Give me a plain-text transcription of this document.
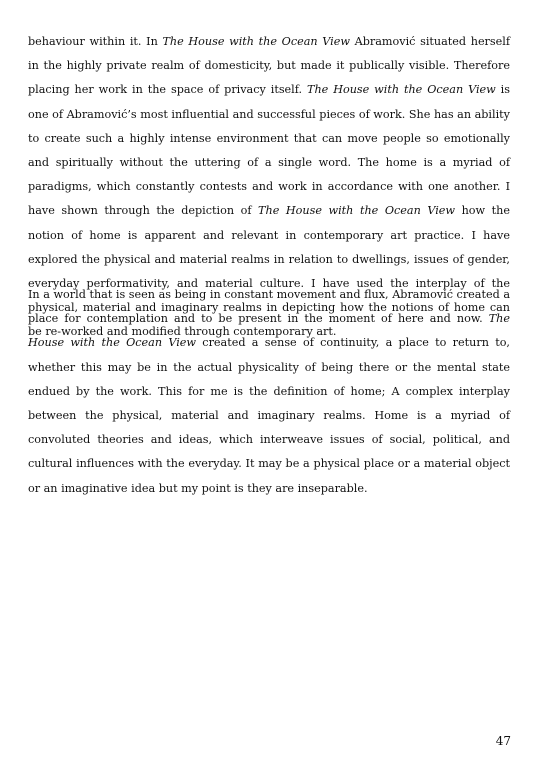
behaviour within it. In The House with the Ocean View Abramović situated herself in the highly private realm of domesticity, but made it publically visible. Therefore placing her work in the space of privacy itself. The House with the Ocean View is one of Abramović’s most influential and successful pieces of work. She has an ability to create such a highly intense environment that can move people so emotionally and spiritually without the uttering of a single word. The home is a myriad of paradigms, which constantly contests and work in accordance with one another. I have shown through the depiction of The House with the Ocean View how the notion of home is apparent and relevant in contemporary art practice. I have explored the physical and material realms in relation to dwellings, issues of gender, everyday performativity, and material culture. I have used the interplay of the physical, material and imaginary realms in depicting how the notions of home can be re-worked and modified through contemporary art.

In a world that is seen as being in constant movement and flux, Abramović created a place for contemplation and to be present in the moment of here and now. The House with the Ocean View created a sense of continuity, a place to return to, whether this may be in the actual physicality of being there or the mental state endued by the work. This for me is the definition of home; A complex interplay between the physical, material and imaginary realms. Home is a myriad of convoluted theories and ideas, which interweave issues of social, political, and cultural influences with the everyday. It may be a physical place or a material object or an imaginative idea but my point is they are inseparable.

47
